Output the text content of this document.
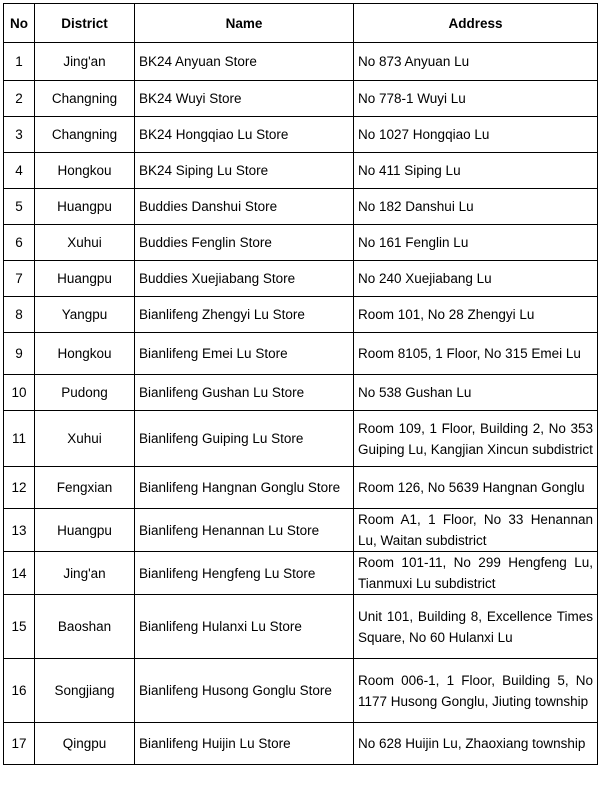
No	District	Name	Address
1	Jing'an	BK24 Anyuan Store	No 873 Anyuan Lu
2	Changning	BK24 Wuyi Store	No 778-1 Wuyi Lu
3	Changning	BK24 Hongqiao Lu Store	No 1027 Hongqiao Lu
4	Hongkou	BK24 Siping Lu Store	No 411 Siping Lu
5	Huangpu	Buddies Danshui Store	No 182 Danshui Lu
6	Xuhui	Buddies Fenglin Store	No 161 Fenglin Lu
7	Huangpu	Buddies Xuejiabang Store	No 240 Xuejiabang Lu
8	Yangpu	Bianlifeng Zhengyi Lu Store	Room 101, No 28 Zhengyi Lu
9	Hongkou	Bianlifeng Emei Lu Store	Room 8105, 1 Floor, No 315 Emei Lu
10	Pudong	Bianlifeng Gushan Lu Store	No 538 Gushan Lu
11	Xuhui	Bianlifeng Guiping Lu Store	Room 109, 1 Floor, Building 2, No 353 Guiping Lu, Kangjian Xincun subdistrict
12	Fengxian	Bianlifeng Hangnan Gonglu Store	Room 126, No 5639 Hangnan Gonglu
13	Huangpu	Bianlifeng Henannan Lu Store	Room A1, 1 Floor, No 33 Henannan Lu, Waitan subdistrict
14	Jing'an	Bianlifeng Hengfeng Lu Store	Room 101-11, No 299 Hengfeng Lu, Tianmuxi Lu subdistrict
15	Baoshan	Bianlifeng Hulanxi Lu Store	Unit 101, Building 8, Excellence Times Square, No 60 Hulanxi Lu
16	Songjiang	Bianlifeng Husong Gonglu Store	Room 006-1, 1 Floor, Building 5, No 1177 Husong Gonglu, Jiuting township
17	Qingpu	Bianlifeng Huijin Lu Store	No 628 Huijin Lu, Zhaoxiang township
